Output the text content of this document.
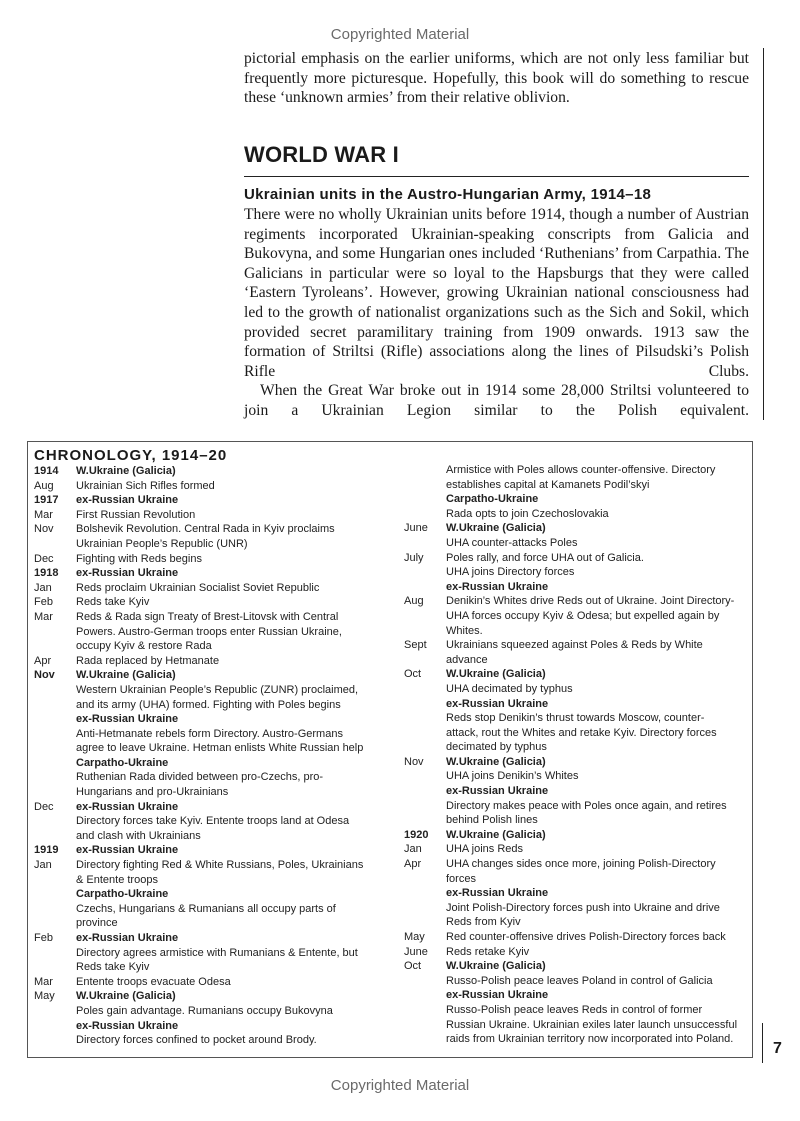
Copyrighted Material

pictorial emphasis on the earlier uniforms, which are not only less familiar but frequently more picturesque. Hopefully, this book will do something to rescue these ‘unknown armies’ from their relative oblivion.

WORLD WAR I
Ukrainian units in the Austro-Hungarian Army, 1914–18

There were no wholly Ukrainian units before 1914, though a number of Austrian regiments incorporated Ukrainian-speaking conscripts from Galicia and Bukovyna, and some Hungarian ones included ‘Ruthenians’ from Carpathia. The Galicians in particular were so loyal to the Hapsburgs that they were called ‘Eastern Tyroleans’. However, growing Ukrainian national consciousness had led to the growth of nationalist organizations such as the Sich and Sokil, which provided secret paramilitary training from 1909 onwards. 1913 saw the formation of Striltsi (Rifle) associations along the lines of Pilsudski’s Polish Rifle Clubs.

When the Great War broke out in 1914 some 28,000 Striltsi volunteered to join a Ukrainian Legion similar to the Polish equivalent.

CHRONOLOGY, 1914–20
1914	W.Ukraine (Galicia)
Aug	Ukrainian Sich Rifles formed
1917	ex-Russian Ukraine
Mar	First Russian Revolution
Nov	Bolshevik Revolution. Central Rada in Kyiv proclaims
Ukrainian People’s Republic (UNR)
Dec	Fighting with Reds begins
1918	ex-Russian Ukraine
Jan	Reds proclaim Ukrainian Socialist Soviet Republic
Feb	Reds take Kyiv
Mar	Reds & Rada sign Treaty of Brest-Litovsk with Central
Powers. Austro-German troops enter Russian Ukraine,
occupy Kyiv & restore Rada
Apr	Rada replaced by Hetmanate
Nov	W.Ukraine (Galicia)
Western Ukrainian People’s Republic (ZUNR) proclaimed,
and its army (UHA) formed. Fighting with Poles begins
ex-Russian Ukraine
Anti-Hetmanate rebels form Directory. Austro-Germans
agree to leave Ukraine. Hetman enlists White Russian help
Carpatho-Ukraine
Ruthenian Rada divided between pro-Czechs, pro-
Hungarians and pro-Ukrainians
Dec	ex-Russian Ukraine
Directory forces take Kyiv. Entente troops land at Odesa
and clash with Ukrainians
1919	ex-Russian Ukraine
Jan	Directory fighting Red & White Russians, Poles, Ukrainians
& Entente troops
Carpatho-Ukraine
Czechs, Hungarians & Rumanians all occupy parts of
province
Feb	ex-Russian Ukraine
Directory agrees armistice with Rumanians & Entente, but
Reds take Kyiv
Mar	Entente troops evacuate Odesa
May	W.Ukraine (Galicia)
Poles gain advantage. Rumanians occupy Bukovyna
ex-Russian Ukraine
Directory forces confined to pocket around Brody.
Armistice with Poles allows counter-offensive. Directory
establishes capital at Kamanets Podil’skyi
Carpatho-Ukraine
Rada opts to join Czechoslovakia
June	W.Ukraine (Galicia)
UHA counter-attacks Poles
July	Poles rally, and force UHA out of Galicia.
UHA joins Directory forces
ex-Russian Ukraine
Aug	Denikin’s Whites drive Reds out of Ukraine. Joint Directory-
UHA forces occupy Kyiv & Odesa; but expelled again by
Whites.
Sept	Ukrainians squeezed against Poles & Reds by White
advance
Oct	W.Ukraine (Galicia)
UHA decimated by typhus
ex-Russian Ukraine
Reds stop Denikin’s thrust towards Moscow, counter-
attack, rout the Whites and retake Kyiv. Directory forces
decimated by typhus
Nov	W.Ukraine (Galicia)
UHA joins Denikin’s Whites
ex-Russian Ukraine
Directory makes peace with Poles once again, and retires
behind Polish lines
1920	W.Ukraine (Galicia)
Jan	UHA joins Reds
Apr	UHA changes sides once more, joining Polish-Directory
forces
ex-Russian Ukraine
Joint Polish-Directory forces push into Ukraine and drive
Reds from Kyiv
May	Red counter-offensive drives Polish-Directory forces back
June	Reds retake Kyiv
Oct	W.Ukraine (Galicia)
Russo-Polish peace leaves Poland in control of Galicia
ex-Russian Ukraine
Russo-Polish peace leaves Reds in control of former
Russian Ukraine. Ukrainian exiles later launch unsuccessful
raids from Ukrainian territory now incorporated into Poland.
7
Copyrighted Material
